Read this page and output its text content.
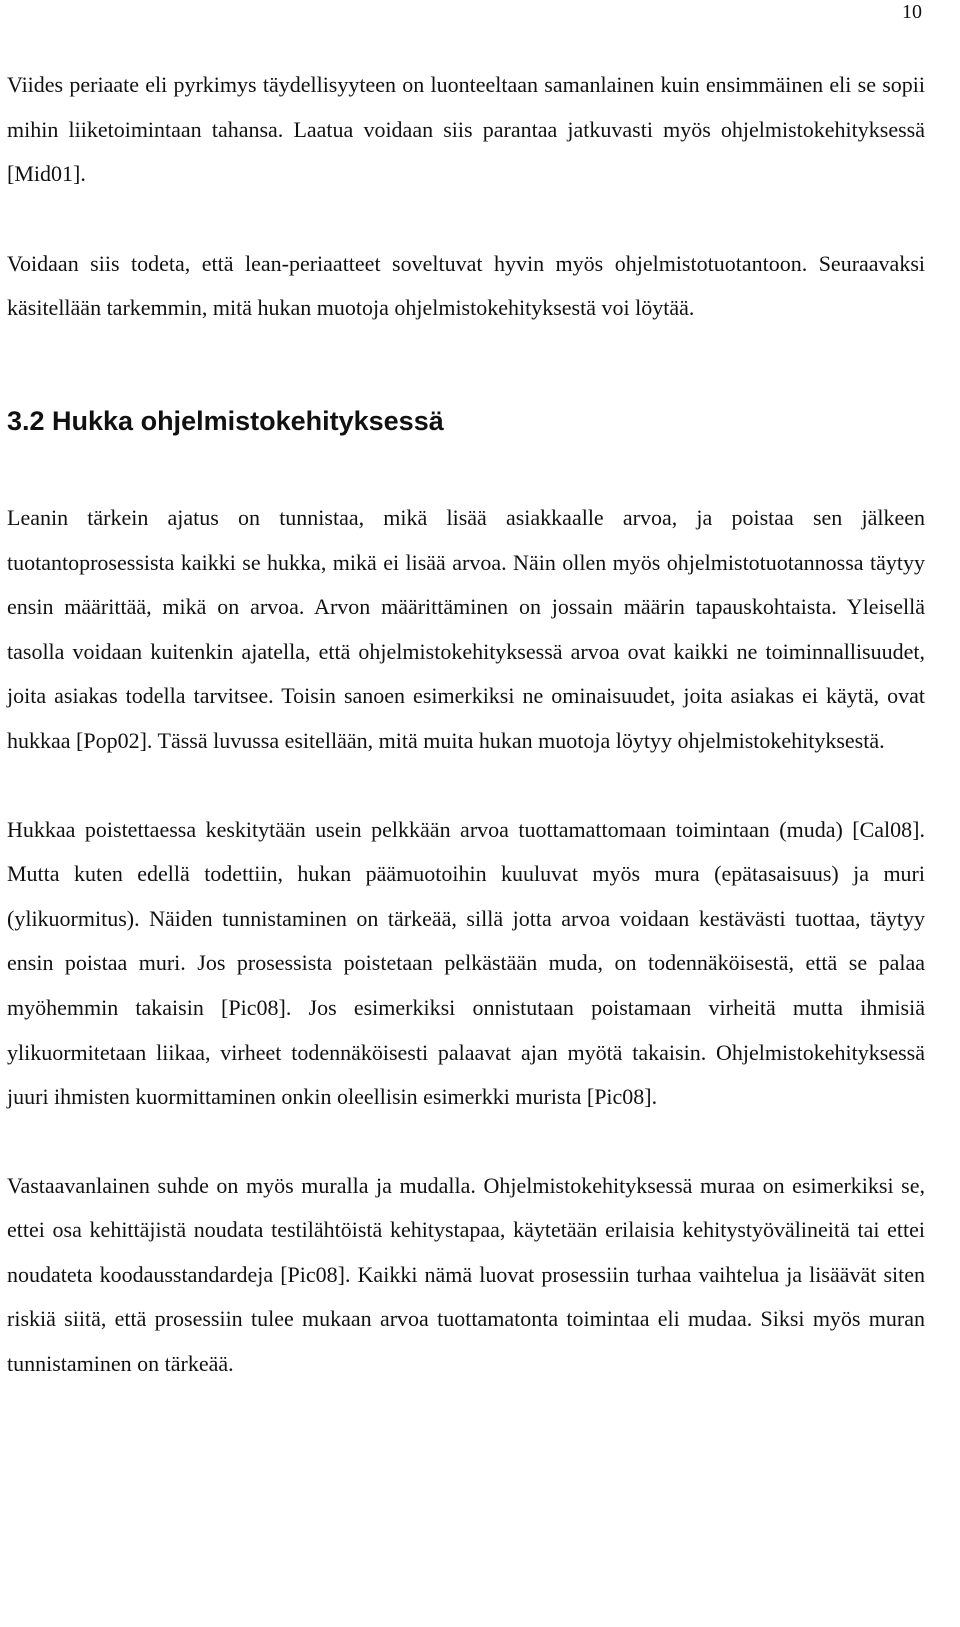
10

Viides periaate eli pyrkimys täydellisyyteen on luonteeltaan samanlainen kuin ensimmäinen eli se sopii mihin liiketoimintaan tahansa. Laatua voidaan siis parantaa jatkuvasti myös ohjelmistokehityksessä [Mid01].

Voidaan siis todeta, että lean-periaatteet soveltuvat hyvin myös ohjelmistotuotantoon. Seuraavaksi käsitellään tarkemmin, mitä hukan muotoja ohjelmistokehityksestä voi löytää.

3.2 Hukka ohjelmistokehityksessä

Leanin tärkein ajatus on tunnistaa, mikä lisää asiakkaalle arvoa, ja poistaa sen jälkeen tuotantoprosessista kaikki se hukka, mikä ei lisää arvoa. Näin ollen myös ohjelmistotuotannossa täytyy ensin määrittää, mikä on arvoa. Arvon määrittäminen on jossain määrin tapauskohtaista. Yleisellä tasolla voidaan kuitenkin ajatella, että ohjelmistokehityksessä arvoa ovat kaikki ne toiminnallisuudet, joita asiakas todella tarvitsee. Toisin sanoen esimerkiksi ne ominaisuudet, joita asiakas ei käytä, ovat hukkaa [Pop02]. Tässä luvussa esitellään, mitä muita hukan muotoja löytyy ohjelmistokehityksestä.

Hukkaa poistettaessa keskitytään usein pelkkään arvoa tuottamattomaan toimintaan (muda) [Cal08]. Mutta kuten edellä todettiin, hukan päämuotoihin kuuluvat myös mura (epätasaisuus) ja muri (ylikuormitus). Näiden tunnistaminen on tärkeää, sillä jotta arvoa voidaan kestävästi tuottaa, täytyy ensin poistaa muri. Jos prosessista poistetaan pelkästään muda, on todennäköisestä, että se palaa myöhemmin takaisin [Pic08]. Jos esimerkiksi onnistutaan poistamaan virheitä mutta ihmisiä ylikuormitetaan liikaa, virheet todennäköisesti palaavat ajan myötä takaisin. Ohjelmistokehityksessä juuri ihmisten kuormittaminen onkin oleellisin esimerkki murista [Pic08].

Vastaavanlainen suhde on myös muralla ja mudalla. Ohjelmistokehityksessä muraa on esimerkiksi se, ettei osa kehittäjistä noudata testilähtöistä kehitystapaa, käytetään erilaisia kehitystyövälineitä tai ettei noudateta koodausstandardeja [Pic08]. Kaikki nämä luovat prosessiin turhaa vaihtelua ja lisäävät siten riskiä siitä, että prosessiin tulee mukaan arvoa tuottamatonta toimintaa eli mudaa. Siksi myös muran tunnistaminen on tärkeää.
